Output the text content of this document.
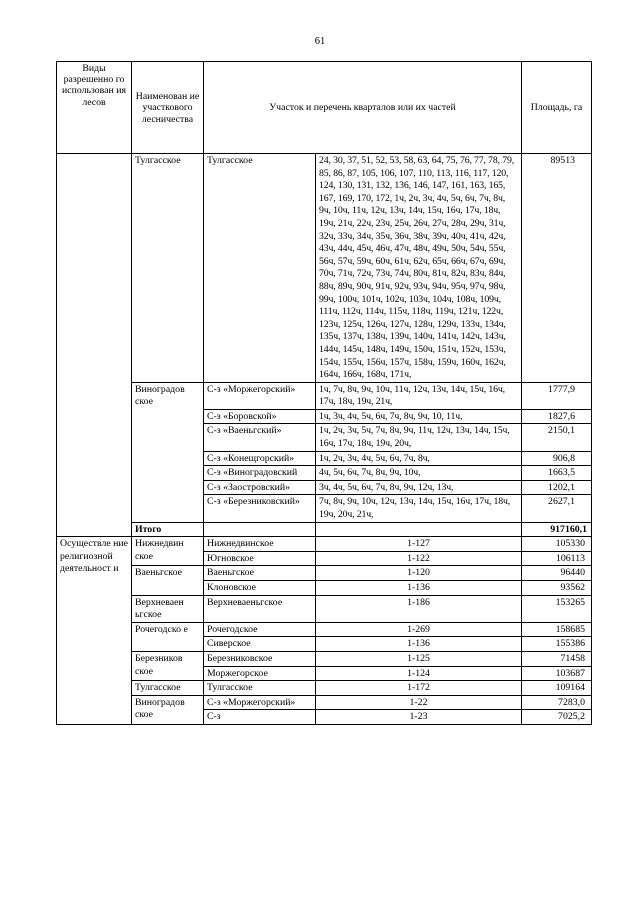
61
Виды разрешенно го использован ия лесов	Наименован ие участкового лесничества	Участок и перечень кварталов или их частей		Площадь, га
	Тулгасское	Тулгасское	24, 30, 37, 51, 52, 53, 58, 63, 64, 75, 76, 77, 78, 79, 85, 86, 87, 105, 106, 107, 110, 113, 116, 117, 120, 124, 130, 131, 132, 136, 146, 147, 161, 163, 165, 167, 169, 170, 172, 1ч, 2ч, 3ч, 4ч, 5ч, 6ч, 7ч, 8ч, 9ч, 10ч, 11ч, 12ч, 13ч, 14ч, 15ч, 16ч, 17ч, 18ч, 19ч, 21ч, 22ч, 23ч, 25ч, 26ч, 27ч, 28ч, 29ч, 31ч, 32ч, 33ч, 34ч, 35ч, 36ч, 38ч, 39ч, 40ч, 41ч, 42ч, 43ч, 44ч, 45ч, 46ч, 47ч, 48ч, 49ч, 50ч, 54ч, 55ч, 56ч, 57ч, 59ч, 60ч, 61ч, 62ч, 65ч, 66ч, 67ч, 69ч, 70ч, 71ч, 72ч, 73ч, 74ч, 80ч, 81ч, 82ч, 83ч, 84ч, 88ч, 89ч, 90ч, 91ч, 92ч, 93ч, 94ч, 95ч, 97ч, 98ч, 99ч, 100ч, 101ч, 102ч, 103ч, 104ч, 108ч, 109ч, 111ч, 112ч, 114ч, 115ч, 118ч, 119ч, 121ч, 122ч, 123ч, 125ч, 126ч, 127ч, 128ч, 129ч, 133ч, 134ч, 135ч, 137ч, 138ч, 139ч, 140ч, 141ч, 142ч, 143ч, 144ч, 145ч, 148ч, 149ч, 150ч, 151ч, 152ч, 153ч, 154ч, 155ч, 156ч, 157ч, 158ч, 159ч, 160ч, 162ч, 164ч, 166ч, 168ч, 171ч,	89513
	Виноградов ское	С-з «Моржегорский»	1ч, 7ч, 8ч, 9ч, 10ч, 11ч, 12ч, 13ч, 14ч, 15ч, 16ч, 17ч, 18ч, 19ч, 21ч,	1777,9
		С-з «Боровской»	1ч, 3ч, 4ч, 5ч, 6ч, 7ч, 8ч, 9ч, 10, 11ч,	1827,6
		С-з «Ваеньгский»	1ч, 2ч, 3ч, 5ч, 7ч, 8ч, 9ч, 11ч, 12ч, 13ч, 14ч, 15ч, 16ч, 17ч, 18ч, 19ч, 20ч,	2150,1
		С-з «Конещгорский»	1ч, 2ч, 3ч, 4ч, 5ч, 6ч, 7ч, 8ч,	906,8
		С-з «Виноградовский	4ч, 5ч, 6ч, 7ч, 8ч, 9ч, 10ч,	1663,5
		С-з «Заостровский»	3ч, 4ч, 5ч, 6ч, 7ч, 8ч, 9ч, 12ч, 13ч,	1202,1
		С-з «Березниковский»	7ч, 8ч, 9ч, 10ч, 12ч, 13ч, 14ч, 15ч, 16ч, 17ч, 18ч, 19ч, 20ч, 21ч,	2627,1
	Итого			917160,1
Осуществле ние религиозной деятельност и	Нижнедвин ское	Нижнедвинское	1-127	105330
		Югновское	1-122	106113
	Ваеньгское	Ваеньгское	1-120	96440
		Клоновское	1-136	93562
	Верхневаен ьгское	Верхневаеньгское	1-186	153265
	Рочегодско е	Рочегодское	1-269	158685
		Сиверское	1-136	155386
	Березников ское	Березниковское	1-125	71458
		Моржегорское	1-124	103687
	Тулгасское	Тулгасское	1-172	109164
	Виноградов ское	С-з «Моржегорский»	1-22	7283,0
		С-з	1-23	7025,2
